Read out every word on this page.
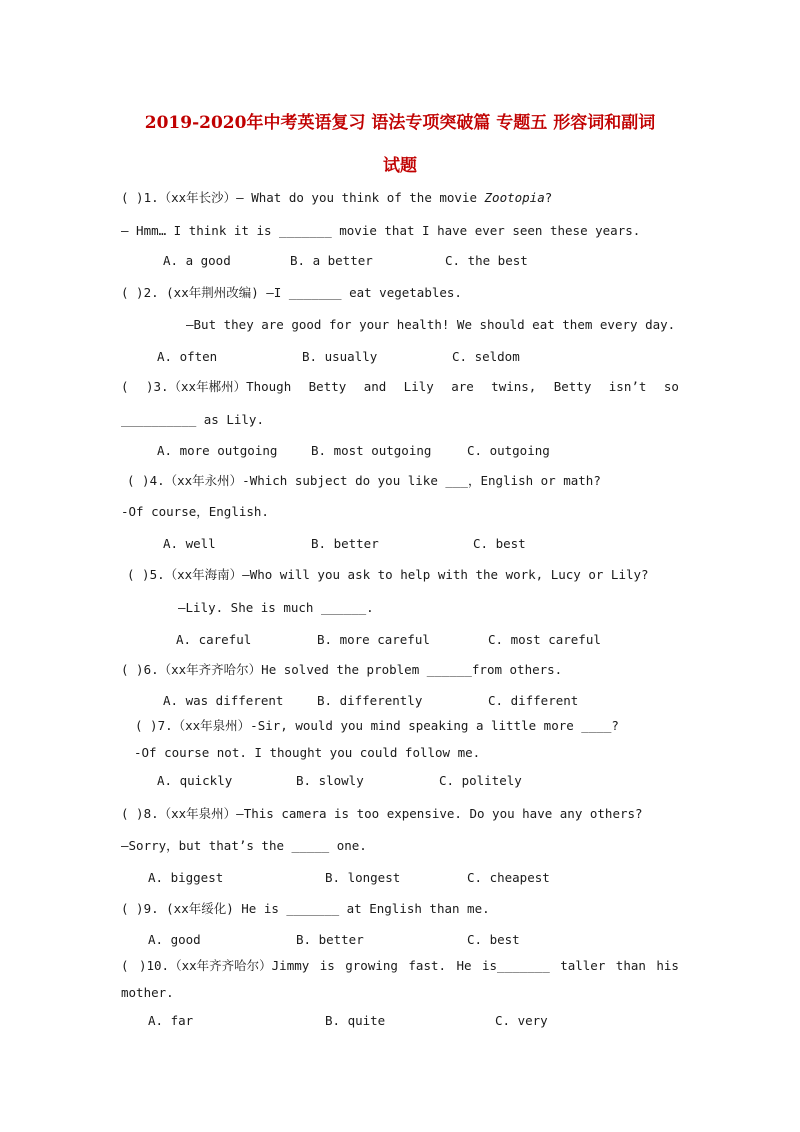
2019-2020年中考英语复习 语法专项突破篇 专题五 形容词和副词
试题
( )1.（xx年长沙）— What do you think of the movie Zootopia?
— Hmm… I think it is _______ movie that I have ever seen these years.
A. a good	B. a better	C. the best
( )2. (xx年荆州改编) —I _______ eat vegetables.
—But they are good for your health! We should eat them every day.
A. often	B. usually	C. seldom
( )3.（xx年郴州）Though Betty and Lily are twins, Betty isn’t so
__________ as Lily.
A. more outgoing	B. most outgoing	C. outgoing
( )4.（xx年永州）-Which subject do you like ___，English or math?
-Of course，English.
A. well	B. better	C. best
( )5.（xx年海南）—Who will you ask to help with the work, Lucy or Lily?
—Lily. She is much ______.
A. careful	B. more careful	C. most careful
( )6.（xx年齐齐哈尔）He solved the problem ______from others.
A. was different	B. differently	C. different
( )7.（xx年泉州）-Sir, would you mind speaking a little more ____?
-Of course not. I thought you could follow me.
A. quickly	B. slowly	C. politely
( )8.（xx年泉州）—This camera is too expensive. Do you have any others?
—Sorry，but that’s the _____ one.
A. biggest	B. longest	C. cheapest
( )9. (xx年绥化) He is _______ at English than me.
A. good	B. better	C. best
( )10.（xx年齐齐哈尔）Jimmy is growing fast. He is_______ taller than his
mother.
A. far	B. quite	C. very
